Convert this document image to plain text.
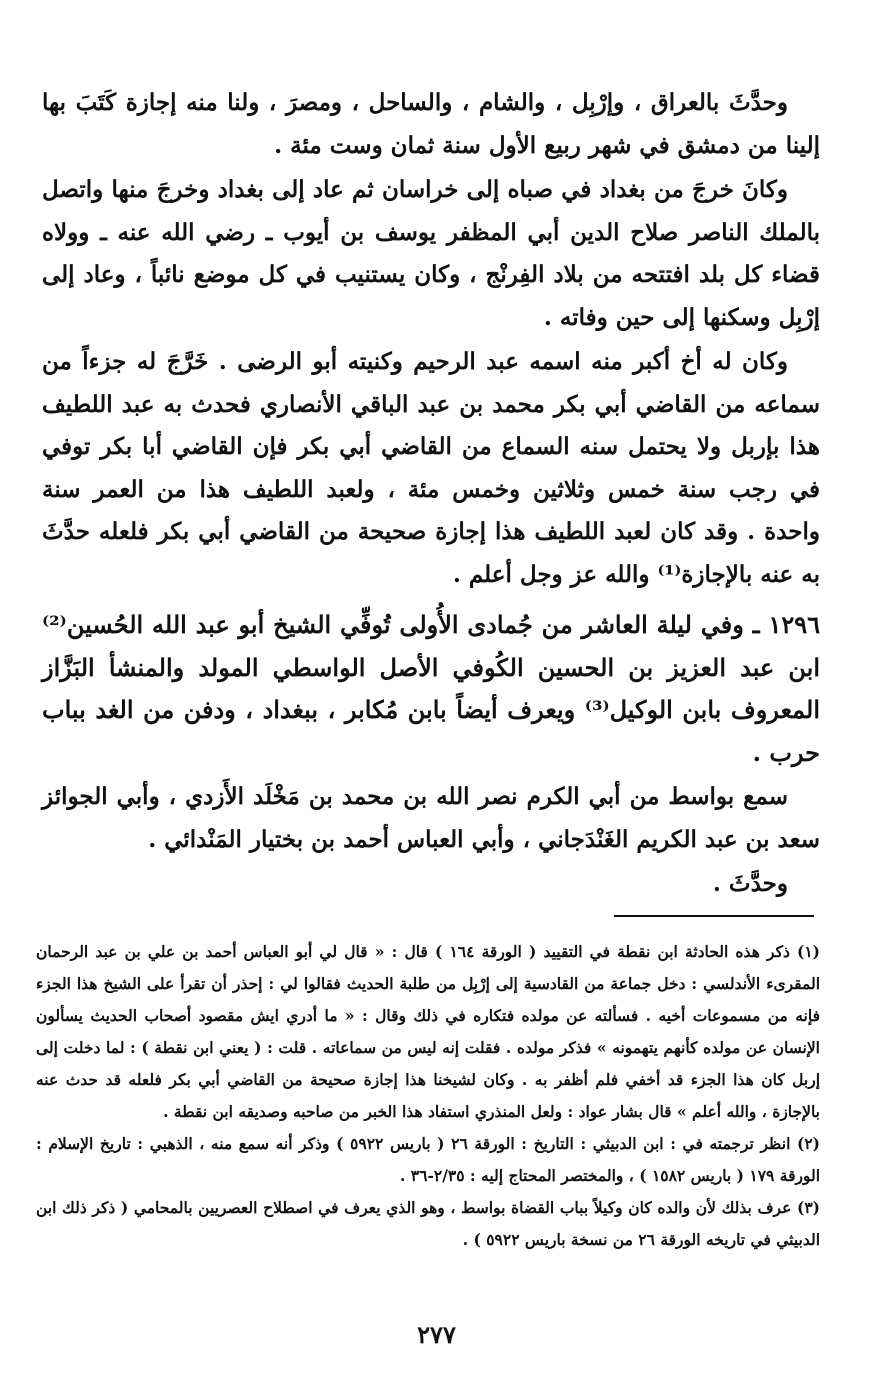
وحدَّثَ بالعراق ، وإرْبِل ، والشام ، والساحل ، ومصرَ ، ولنا منه إجازة كَتَبَ بها إلينا من دمشق في شهر ربيع الأول سنة ثمان وست مئة .

وكانَ خرجَ من بغداد في صباه إلى خراسان ثم عاد إلى بغداد وخرجَ منها واتصل بالملك الناصر صلاح الدين أبي المظفر يوسف بن أيوب ـ رضي الله عنه ـ وولاه قضاء كل بلد افتتحه من بلاد الفِرنْج ، وكان يستنيب في كل موضع نائباً ، وعاد إلى إرْبِل وسكنها إلى حين وفاته .

وكان له أخ أكبر منه اسمه عبد الرحيم وكنيته أبو الرضى . خَرَّجَ له جزءاً من سماعه من القاضي أبي بكر محمد بن عبد الباقي الأنصاري فحدث به عبد اللطيف هذا بإربل ولا يحتمل سنه السماع من القاضي أبي بكر فإن القاضي أبا بكر توفي في رجب سنة خمس وثلاثين وخمس مئة ، ولعبد اللطيف هذا من العمر سنة واحدة . وقد كان لعبد اللطيف هذا إجازة صحيحة من القاضي أبي بكر فلعله حدَّثَ به عنه بالإجازة⁽¹⁾ والله عز وجل أعلم .

١٢٩٦ ـ وفي ليلة العاشر من جُمادى الأُولى تُوفِّي الشيخ أبو عبد الله الحُسين⁽²⁾ ابن عبد العزيز بن الحسين الكُوفي الأصل الواسطي المولد والمنشأ البَزَّاز المعروف بابن الوكيل⁽³⁾ ويعرف أيضاً بابن مُكابر ، ببغداد ، ودفن من الغد بباب حرب .

سمع بواسط من أبي الكرم نصر الله بن محمد بن مَخْلَد الأَزدي ، وأبي الجوائز سعد بن عبد الكريم الغَنْدَجاني ، وأبي العباس أحمد بن بختيار المَنْدائي .

وحدَّثَ .

(١) ذكر هذه الحادثة ابن نقطة في التقييد ( الورقة ١٦٤ ) قال : « قال لي أبو العباس أحمد بن علي بن عبد الرحمان المقرىء الأندلسي : دخل جماعة من القادسية إلى إرْبِل من طلبة الحديث فقالوا لي : إحذر أن تقرأ على الشيخ هذا الجزء فإنه من مسموعات أخيه . فسألته عن مولده فتكاره في ذلك وقال : « ما أدري ايش مقصود أصحاب الحديث يسألون الإنسان عن مولده كأنهم يتهمونه » فذكر مولده . فقلت إنه ليس من سماعاته . قلت : ( يعني ابن نقطة ) : لما دخلت إلى إربل كان هذا الجزء قد أخفي فلم أظفر به . وكان لشيخنا هذا إجازة صحيحة من القاضي أبي بكر فلعله قد حدث عنه بالإجازة ، والله أعلم » قال بشار عواد : ولعل المنذري استفاد هذا الخبر من صاحبه وصديقه ابن نقطة .

(٢) انظر ترجمته في : ابن الدبيثي : التاريخ : الورقة ٢٦ ( باريس ٥٩٢٢ ) وذكر أنه سمع منه ، الذهبي : تاريخ الإسلام : الورقة ١٧٩ ( باريس ١٥٨٢ ) ، والمختصر المحتاج إليه : ٢/٣٥-٣٦ .

(٣) عرف بذلك لأن والده كان وكيلاً بباب القضاة بواسط ، وهو الذي يعرف في اصطلاح العصريين بالمحامي ( ذكر ذلك ابن الدبيثي في تاريخه الورقة ٢٦ من نسخة باريس ٥٩٢٢ ) .

٢٧٧
